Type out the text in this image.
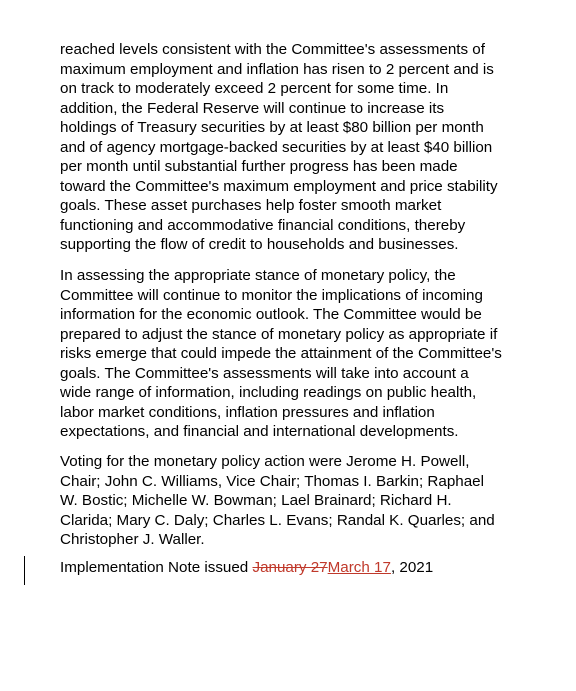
reached levels consistent with the Committee's assessments of
maximum employment and inflation has risen to 2 percent and is
on track to moderately exceed 2 percent for some time. In
addition, the Federal Reserve will continue to increase its
holdings of Treasury securities by at least $80 billion per month
and of agency mortgage-backed securities by at least $40 billion
per month until substantial further progress has been made
toward the Committee's maximum employment and price stability
goals. These asset purchases help foster smooth market
functioning and accommodative financial conditions, thereby
supporting the flow of credit to households and businesses.
In assessing the appropriate stance of monetary policy, the
Committee will continue to monitor the implications of incoming
information for the economic outlook. The Committee would be
prepared to adjust the stance of monetary policy as appropriate if
risks emerge that could impede the attainment of the Committee's
goals. The Committee's assessments will take into account a
wide range of information, including readings on public health,
labor market conditions, inflation pressures and inflation
expectations, and financial and international developments.
Voting for the monetary policy action were Jerome H. Powell,
Chair; John C. Williams, Vice Chair; Thomas I. Barkin; Raphael
W. Bostic; Michelle W. Bowman; Lael Brainard; Richard H.
Clarida; Mary C. Daly; Charles L. Evans; Randal K. Quarles; and
Christopher J. Waller.
Implementation Note issued January 27March 17, 2021
